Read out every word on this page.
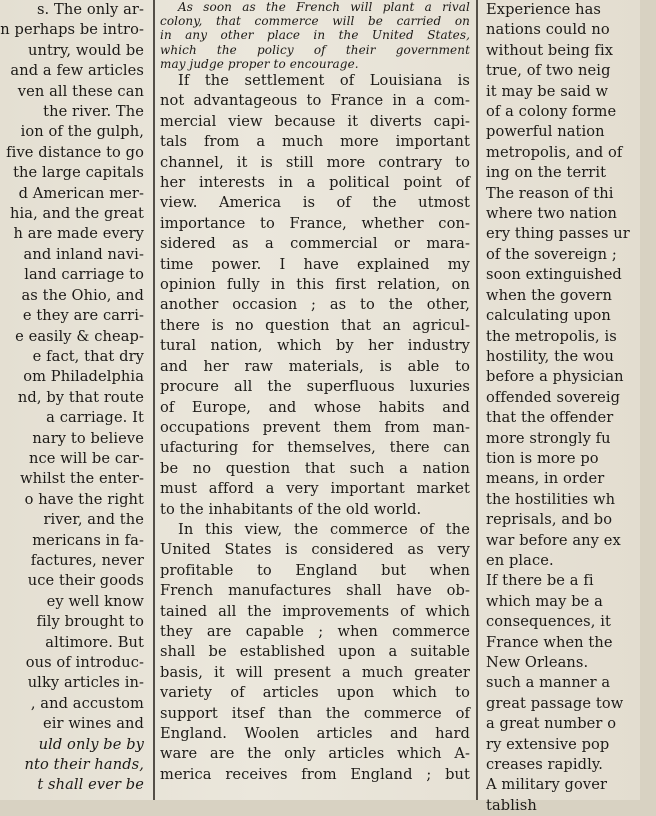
s. The only ar-

n perhaps be intro-

untry, would be

and a few articles

ven all these can

the river. The

ion of the gulph,

five distance to go

the large capitals

d American mer-

hia, and the great

h are made every

and inland navi-

land carriage to

as the Ohio, and

e they are carri-

e easily & cheap-

e fact, that dry

om Philadelphia

nd, by that route

a carriage. It

nary to believe

nce will be car-

whilst the enter-

o have the right

river, and the

mericans in fa-

factures, never

uce their goods

ey well know

fily brought to

altimore. But

ous of introduc-

ulky articles in-

, and accustom

eir wines and

uld only be by

nto their hands,

t shall ever be

As soon as the French will plant a rival

colony, that commerce will be carried on

in any other place in the United States,

which the policy of their government

may judge proper to encourage.

If the settlement of Louisiana is

not advantageous to France in a com-

mercial view because it diverts capi-

tals from a much more important

channel, it is still more contrary to

her interests in a political point of

view. America is of the utmost

importance to France, whether con-

sidered as a commercial or mara-

time power. I have explained my

opinion fully in this first relation, on

another occasion ; as to the other,

there is no question that an agricul-

tural nation, which by her industry

and her raw materials, is able to

procure all the superfluous luxuries

of Europe, and whose habits and

occupations prevent them from man-

ufacturing for themselves, there can

be no question that such a nation

must afford a very important market

to the inhabitants of the old world.

In this view, the commerce of the

United States is considered as very

profitable to England but when

French manufactures shall have ob-

tained all the improvements of which

they are capable ; when commerce

shall be established upon a suitable

basis, it will present a much greater

variety of articles upon which to

support itsef than the commerce of

England. Woolen articles and hard

ware are the only articles which A-

merica receives from England ; but

Experience has

nations could no

without being fix

true, of two neig

it may be said w

of a colony forme

powerful nation

metropolis, and of

ing on the territ

The reason of thi

where two nation

ery thing passes ur

of the sovereign ;

soon extinguished

when the govern

calculating upon

the metropolis, is

hostility, the wou

before a physician

offended sovereig

that the offender

more strongly fu

tion is more po

means, in order

the hostilities wh

reprisals, and bo

war before any ex

en place.

If there be a fi

which may be a

consequences, it

France when the

New Orleans.

such a manner a

great passage tow

a great number o

ry extensive pop

creases rapidly.

A military gover

tablish
